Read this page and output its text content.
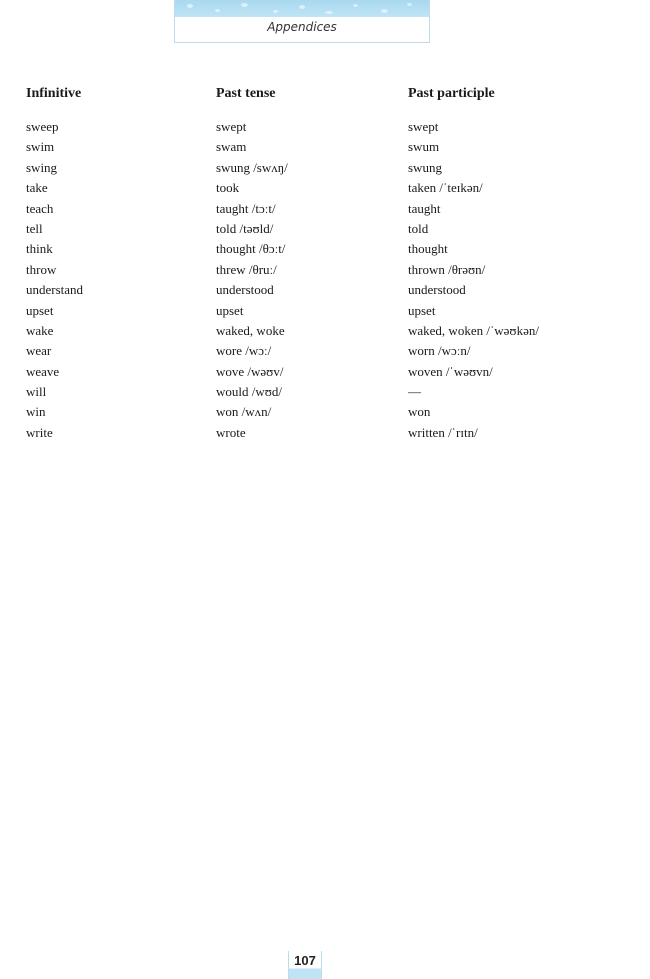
Appendices
Infinitive	Past tense	Past participle
sweep	swept	swept
swim	swam	swum
swing	swung /swʌŋ/	swung
take	took	taken /ˈteɪkən/
teach	taught /tɔːt/	taught
tell	told /təʊld/	told
think	thought /θɔːt/	thought
throw	threw /θruː/	thrown /θrəʊn/
understand	understood	understood
upset	upset	upset
wake	waked, woke	waked, woken /ˈwəʊkən/
wear	wore /wɔː/	worn /wɔːn/
weave	wove /wəʊv/	woven /ˈwəʊvn/
will	would /wʊd/	—
win	won /wʌn/	won
write	wrote	written /ˈrɪtn/
107
